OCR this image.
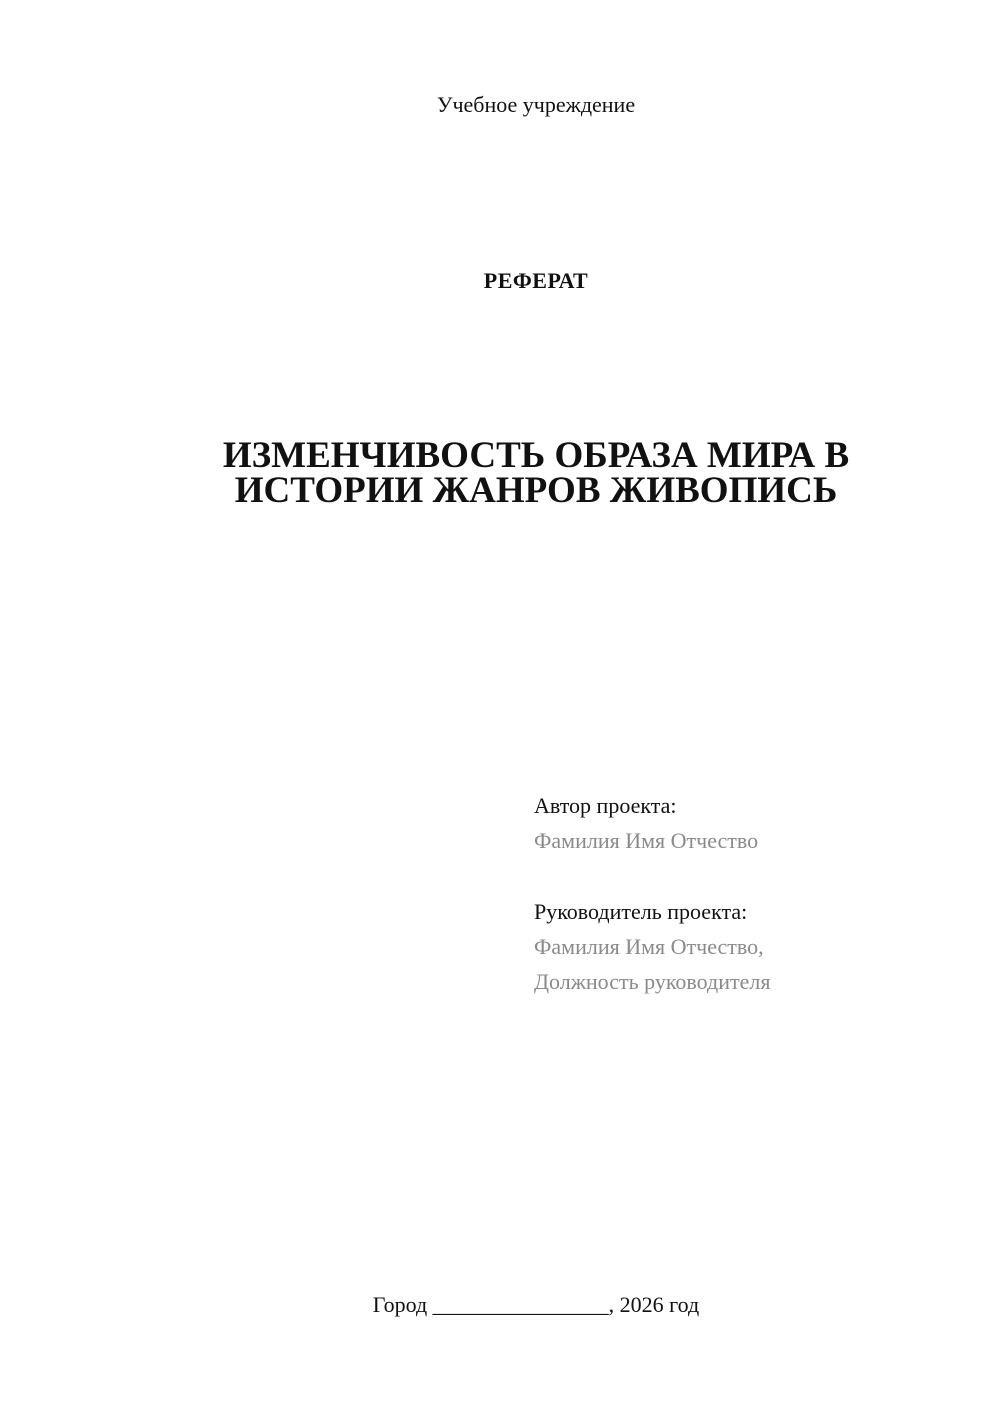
Учебное учреждение
РЕФЕРАТ
ИЗМЕНЧИВОСТЬ ОБРАЗА МИРА В
ИСТОРИИ ЖАНРОВ ЖИВОПИСЬ
Автор проекта:
Фамилия Имя Отчество
Руководитель проекта:
Фамилия Имя Отчество,
Должность руководителя
Город ________________, 2026 год
